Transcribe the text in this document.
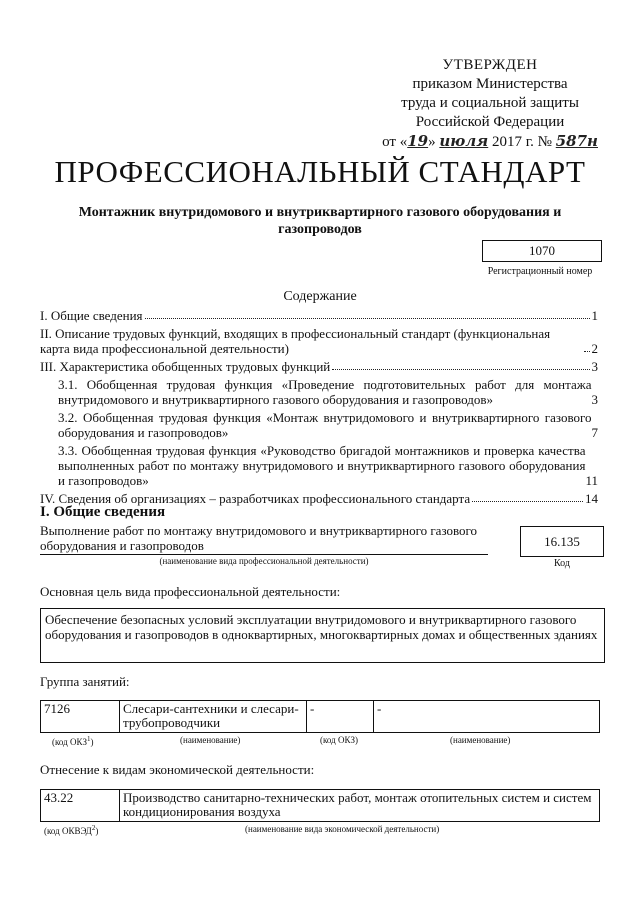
УТВЕРЖДЕН
приказом Министерства
труда и социальной защиты
Российской Федерации
от «19» июля 2017 г. № 587н
ПРОФЕССИОНАЛЬНЫЙ СТАНДАРТ
Монтажник внутридомового и внутриквартирного газового оборудования и газопроводов
1070
Регистрационный номер
Содержание
I. Общие сведения	1
II. Описание трудовых функций, входящих в профессиональный стандарт (функциональная карта вида профессиональной деятельности)	2
III. Характеристика обобщенных трудовых функций	3
3.1. Обобщенная трудовая функция «Проведение подготовительных работ для монтажа внутридомового и внутриквартирного газового оборудования и газопроводов»	3
3.2. Обобщенная трудовая функция «Монтаж внутридомового и внутриквартирного газового оборудования и газопроводов»	7
3.3. Обобщенная трудовая функция «Руководство бригадой монтажников и проверка качества выполненных работ по монтажу внутридомового и внутриквартирного газового оборудования и газопроводов»	11
IV. Сведения об организациях – разработчиках профессионального стандарта	14
I. Общие сведения
Выполнение работ по монтажу внутридомового и внутриквартирного газового оборудования и газопроводов
(наименование вида профессиональной деятельности)
16.135
Код
Основная цель вида профессиональной деятельности:
Обеспечение безопасных условий эксплуатации внутридомового и внутриквартирного газового оборудования и газопроводов в одноквартирных, многоквартирных домах и общественных зданиях
Группа занятий:
7126	Слесари-сантехники и слесари-трубопроводчики	-	-
(код ОКЗ$^1$)	(наименование)	(код ОКЗ)	(наименование)
Отнесение к видам экономической деятельности:
43.22	Производство санитарно-технических работ, монтаж отопительных систем и систем кондиционирования воздуха
(код ОКВЭД$^2$)	(наименование вида экономической деятельности)
